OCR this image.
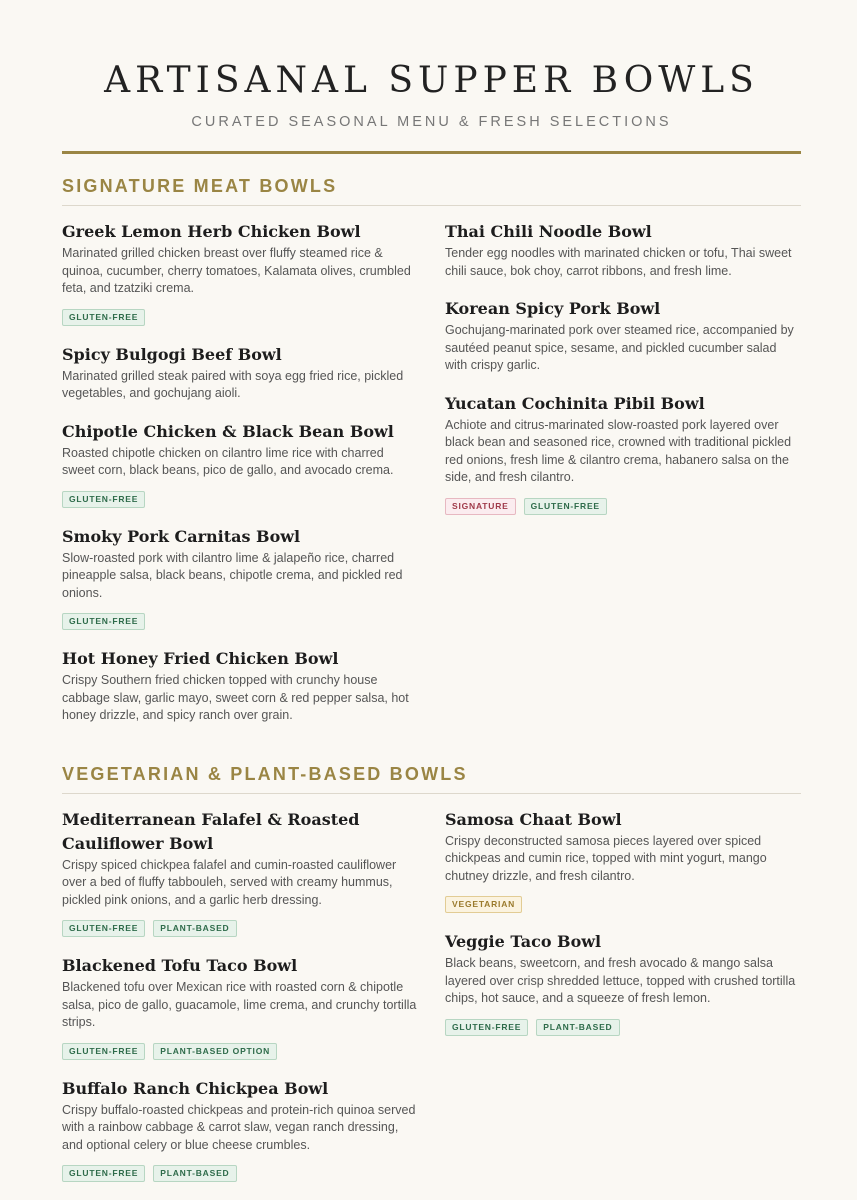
ARTISANAL SUPPER BOWLS
CURATED SEASONAL MENU & FRESH SELECTIONS
SIGNATURE MEAT BOWLS
Greek Lemon Herb Chicken Bowl
Marinated grilled chicken breast over fluffy steamed rice & quinoa, cucumber, cherry tomatoes, Kalamata olives, crumbled feta, and tzatziki crema.
GLUTEN-FREE
Spicy Bulgogi Beef Bowl
Marinated grilled steak paired with soya egg fried rice, pickled vegetables, and gochujang aioli.
Chipotle Chicken & Black Bean Bowl
Roasted chipotle chicken on cilantro lime rice with charred sweet corn, black beans, pico de gallo, and avocado crema.
GLUTEN-FREE
Smoky Pork Carnitas Bowl
Slow-roasted pork with cilantro lime & jalapeño rice, charred pineapple salsa, black beans, chipotle crema, and pickled red onions.
GLUTEN-FREE
Hot Honey Fried Chicken Bowl
Crispy Southern fried chicken topped with crunchy house cabbage slaw, garlic mayo, sweet corn & red pepper salsa, hot honey drizzle, and spicy ranch over grain.
Thai Chili Noodle Bowl
Tender egg noodles with marinated chicken or tofu, Thai sweet chili sauce, bok choy, carrot ribbons, and fresh lime.
Korean Spicy Pork Bowl
Gochujang-marinated pork over steamed rice, accompanied by sautéed peanut spice, sesame, and pickled cucumber salad with crispy garlic.
Yucatan Cochinita Pibil Bowl
Achiote and citrus-marinated slow-roasted pork layered over black bean and seasoned rice, crowned with traditional pickled red onions, fresh lime & cilantro crema, habanero salsa on the side, and fresh cilantro.
SIGNATURE	GLUTEN-FREE
VEGETARIAN & PLANT-BASED BOWLS
Mediterranean Falafel & Roasted Cauliflower Bowl
Crispy spiced chickpea falafel and cumin-roasted cauliflower over a bed of fluffy tabbouleh, served with creamy hummus, pickled pink onions, and a garlic herb dressing.
GLUTEN-FREE	PLANT-BASED
Blackened Tofu Taco Bowl
Blackened tofu over Mexican rice with roasted corn & chipotle salsa, pico de gallo, guacamole, lime crema, and crunchy tortilla strips.
GLUTEN-FREE	PLANT-BASED OPTION
Buffalo Ranch Chickpea Bowl
Crispy buffalo-roasted chickpeas and protein-rich quinoa served with a rainbow cabbage & carrot slaw, vegan ranch dressing, and optional celery or blue cheese crumbles.
GLUTEN-FREE	PLANT-BASED
Samosa Chaat Bowl
Crispy deconstructed samosa pieces layered over spiced chickpeas and cumin rice, topped with mint yogurt, mango chutney drizzle, and fresh cilantro.
VEGETARIAN
Veggie Taco Bowl
Black beans, sweetcorn, and fresh avocado & mango salsa layered over crisp shredded lettuce, topped with crushed tortilla chips, hot sauce, and a squeeze of fresh lemon.
GLUTEN-FREE	PLANT-BASED
